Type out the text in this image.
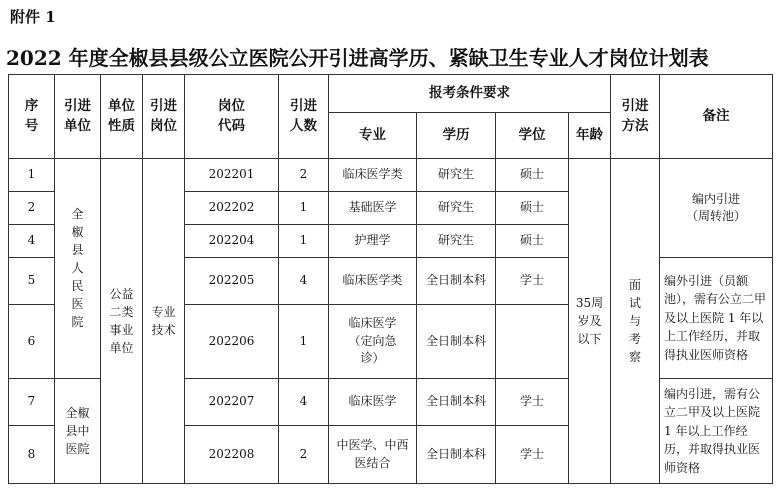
附件 1
2022 年度全椒县县级公立医院公开引进高学历、紧缺卫生专业人才岗位计划表
序号	引进单位	单位性质	引进岗位	岗位代码	引进人数	报考条件要求				引进方法	备注
						专业	学历	学位	年龄		
1	全椒县人民医院	公益二类事业单位	专业技术	202201	2	临床医学类	研究生	硕士	35周岁及以下	面试与考察	编内引进（周转池）
2				202202	1	基础医学	研究生	硕士			
4				202204	1	护理学	研究生	硕士			
5				202205	4	临床医学类	全日制本科	学士			编外引进（员额池），需有公立二甲及以上医院 1 年以上工作经历，并取得执业医师资格
6				202206	1	临床医学（定向急诊）	全日制本科				
7	全椒县中医院			202207	4	临床医学	全日制本科	学士			编内引进，需有公立二甲及以上医院 1 年以上工作经历，并取得执业医师资格
8				202208	2	中医学、中西医结合	全日制本科	学士			
